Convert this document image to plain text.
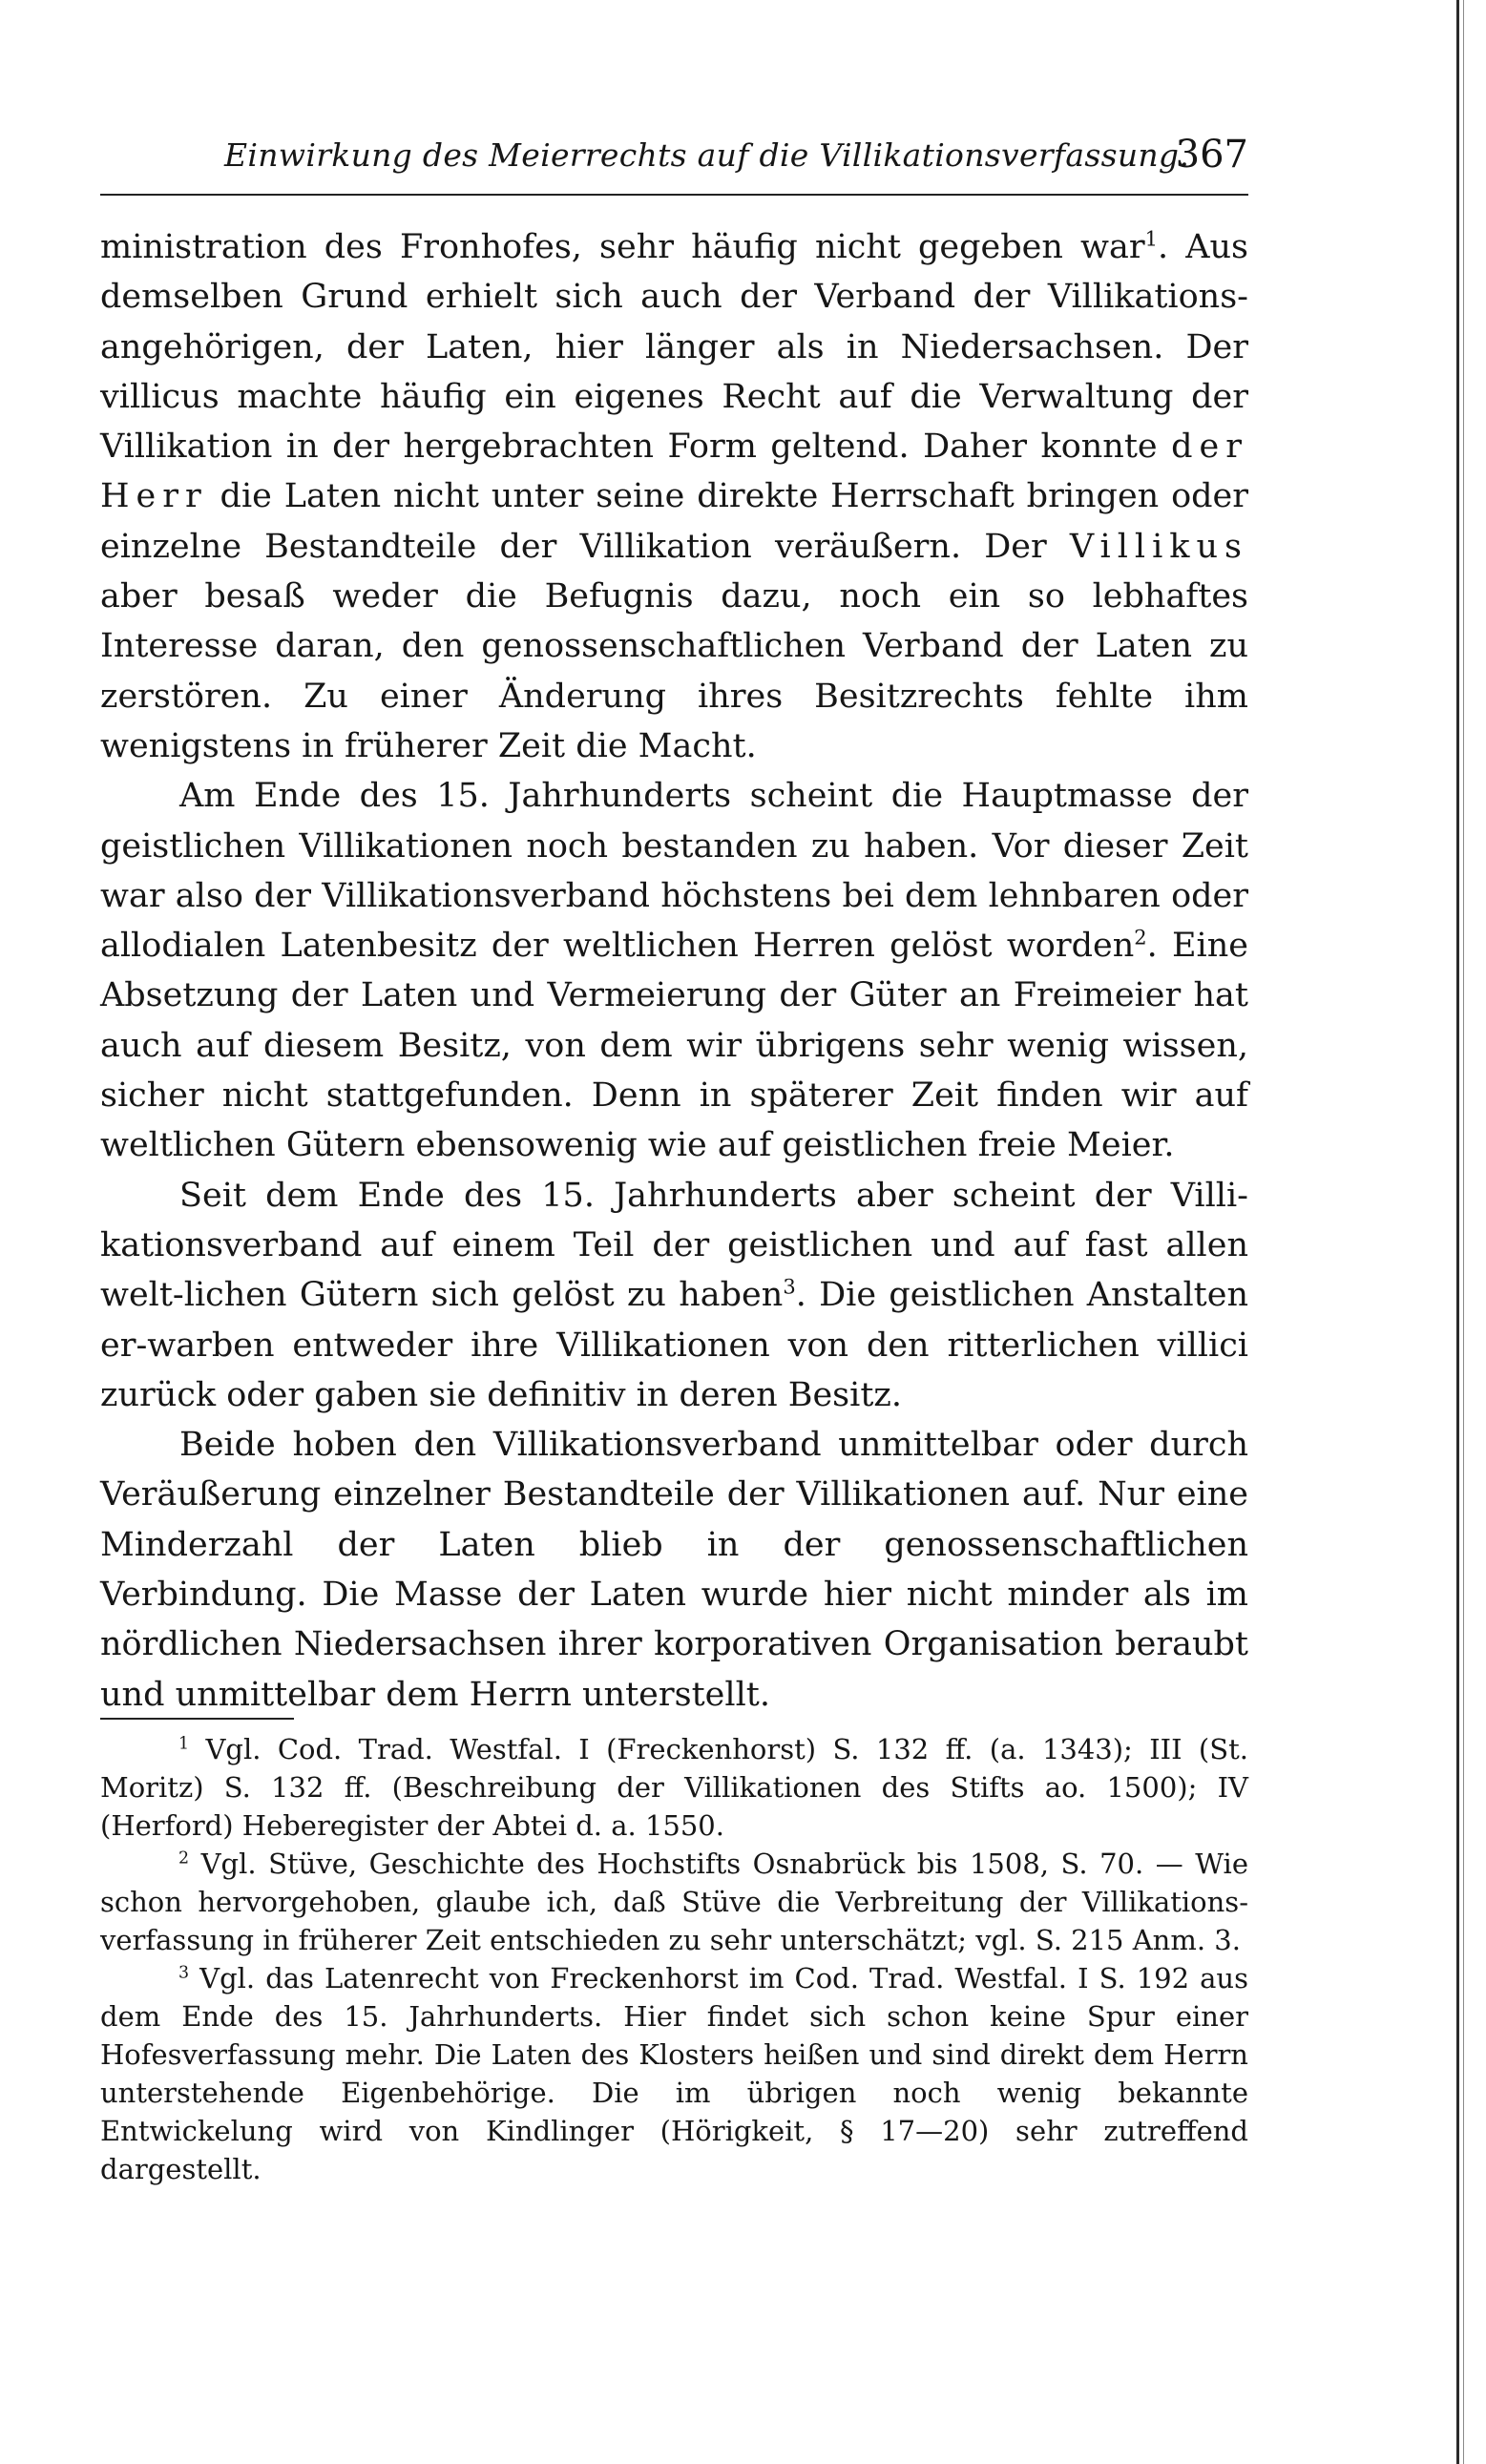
Einwirkung des Meierrechts auf die Villikationsverfassung.
367

ministration des Fronhofes, sehr häufig nicht gegeben war$^1$. Aus demselben Grund erhielt sich auch der Verband der Villikations-angehörigen, der Laten, hier länger als in Niedersachsen. Der villicus machte häufig ein eigenes Recht auf die Verwaltung der Villikation in der hergebrachten Form geltend. Daher konnte der Herr die Laten nicht unter seine direkte Herrschaft bringen oder einzelne Bestandteile der Villikation veräußern. Der Villikus aber besaß weder die Befugnis dazu, noch ein so lebhaftes Interesse daran, den genossenschaftlichen Verband der Laten zu zerstören. Zu einer Änderung ihres Besitzrechts fehlte ihm wenigstens in früherer Zeit die Macht.

Am Ende des 15. Jahrhunderts scheint die Hauptmasse der geistlichen Villikationen noch bestanden zu haben. Vor dieser Zeit war also der Villikationsverband höchstens bei dem lehnbaren oder allodialen Latenbesitz der weltlichen Herren gelöst worden$^2$. Eine Absetzung der Laten und Vermeierung der Güter an Freimeier hat auch auf diesem Besitz, von dem wir übrigens sehr wenig wissen, sicher nicht stattgefunden. Denn in späterer Zeit finden wir auf weltlichen Gütern ebensowenig wie auf geistlichen freie Meier.

Seit dem Ende des 15. Jahrhunderts aber scheint der Villi-kationsverband auf einem Teil der geistlichen und auf fast allen welt-lichen Gütern sich gelöst zu haben$^3$. Die geistlichen Anstalten er-warben entweder ihre Villikationen von den ritterlichen villici zurück oder gaben sie definitiv in deren Besitz.

Beide hoben den Villikationsverband unmittelbar oder durch Veräußerung einzelner Bestandteile der Villikationen auf. Nur eine Minderzahl der Laten blieb in der genossenschaftlichen Verbindung. Die Masse der Laten wurde hier nicht minder als im nördlichen Niedersachsen ihrer korporativen Organisation beraubt und unmittelbar dem Herrn unterstellt.

$^1$ Vgl. Cod. Trad. Westfal. I (Freckenhorst) S. 132 ff. (a. 1343); III (St. Moritz) S. 132 ff. (Beschreibung der Villikationen des Stifts ao. 1500); IV (Herford) Heberegister der Abtei d. a. 1550.

$^2$ Vgl. Stüve, Geschichte des Hochstifts Osnabrück bis 1508, S. 70. — Wie schon hervorgehoben, glaube ich, daß Stüve die Verbreitung der Villikations-verfassung in früherer Zeit entschieden zu sehr unterschätzt; vgl. S. 215 Anm. 3.

$^3$ Vgl. das Latenrecht von Freckenhorst im Cod. Trad. Westfal. I S. 192 aus dem Ende des 15. Jahrhunderts. Hier findet sich schon keine Spur einer Hofesverfassung mehr. Die Laten des Klosters heißen und sind direkt dem Herrn unterstehende Eigenbehörige. Die im übrigen noch wenig bekannte Entwickelung wird von Kindlinger (Hörigkeit, § 17—20) sehr zutreffend dargestellt.
